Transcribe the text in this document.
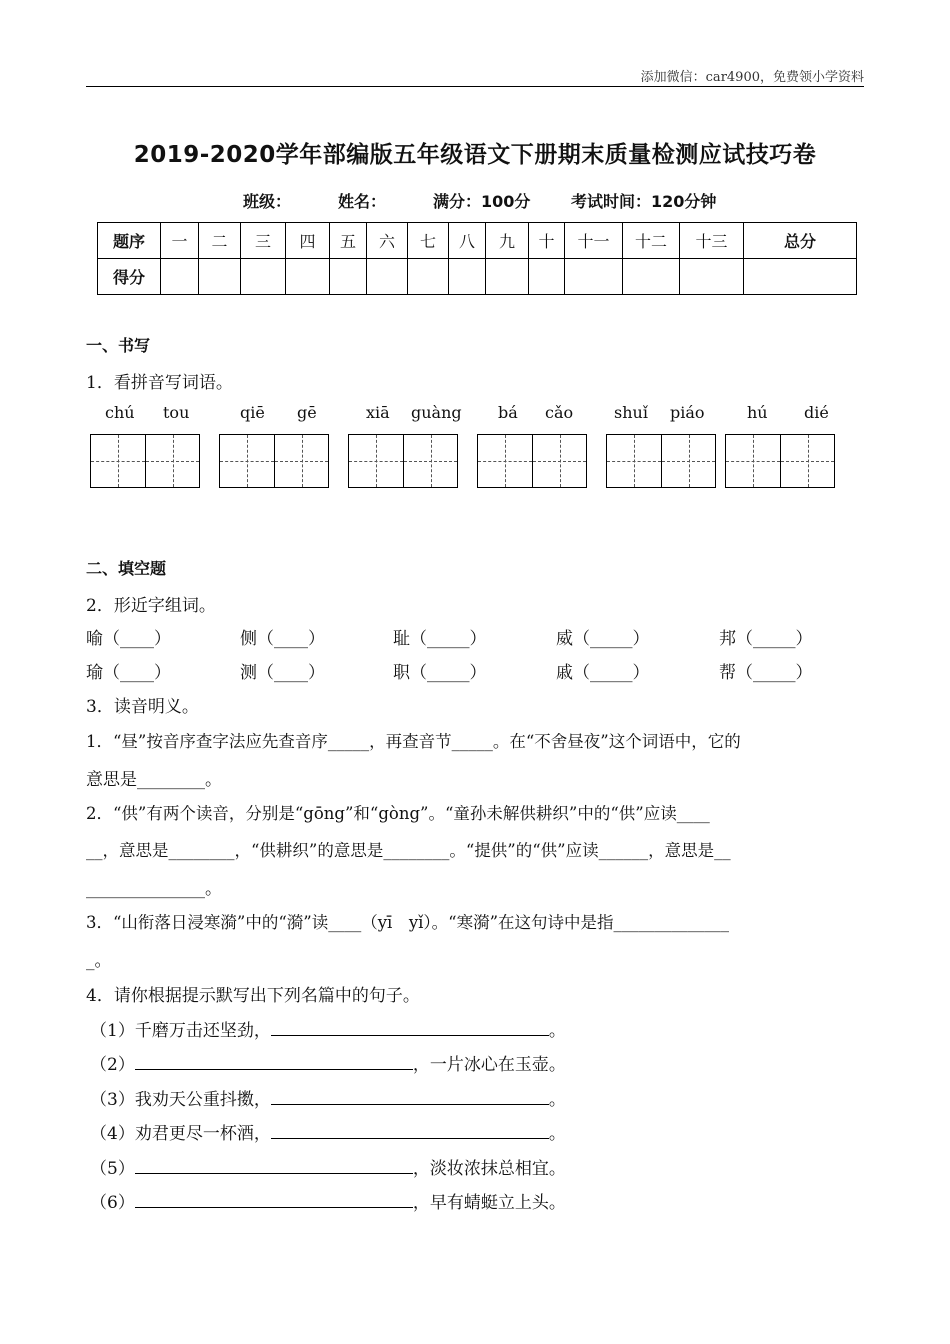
添加微信：car4900，免费领小学资料
2019-2020学年部编版五年级语文下册期末质量检测应试技巧卷
班级：	姓名：	满分：100分	考试时间：120分钟
题序	一	二	三	四	五	六	七	八	九	十	十一	十二	十三	总分
得分														
一、书写
1．看拼音写词语。
chú tou	qiē gē	xiā guàng bá cǎo	shuǐ piáo	hú dié
二、填空题
2．形近字组词。
喻（____）	侧（____）	耻（_____）	威（_____）	邦（_____）
瑜（____）	测（____）	职（_____）	戚（_____）	帮（_____）
3．读音明义。
1．“昼”按音序查字法应先查音序_____，再查音节_____。在“不舍昼夜”这个词语中，它的
意思是________。
2．“供”有两个读音，分别是“gōng”和“gòng”。“童孙未解供耕织”中的“供”应读____
__，意思是________，“供耕织”的意思是________。“提供”的“供”应读______，意思是__
______________。
3．“山衔落日浸寒漪”中的“漪”读____（yī　yǐ）。“寒漪”在这句诗中是指______________
_。
4．请你根据提示默写出下列名篇中的句子。
（1）千磨万击还坚劲，	。
（2）	，一片冰心在玉壶。
（3）我劝天公重抖擞，	。
（4）劝君更尽一杯酒，	。
（5）	，淡妆浓抹总相宜。
（6）	，早有蜻蜓立上头。
